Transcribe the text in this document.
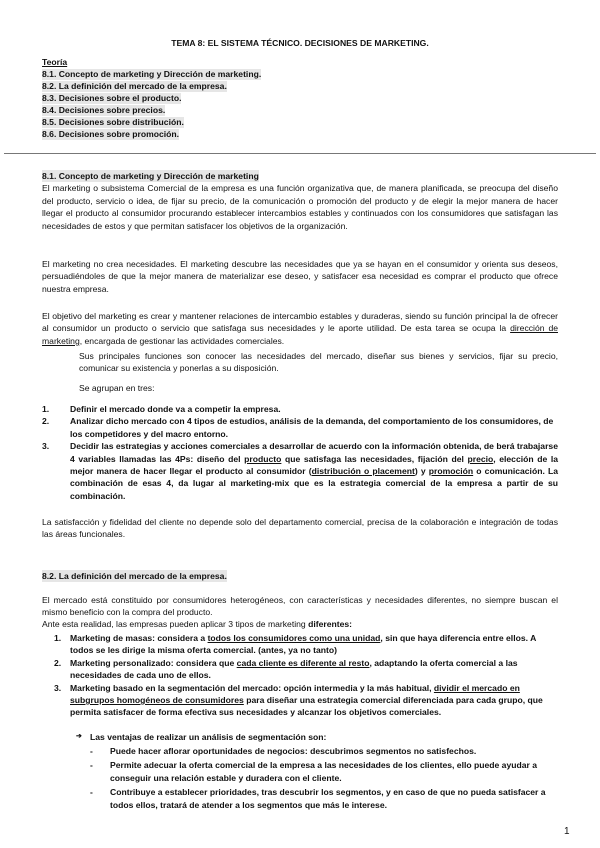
TEMA 8: EL SISTEMA TÉCNICO. DECISIONES DE MARKETING.
Teoría
8.1. Concepto de marketing y Dirección de marketing.
8.2. La definición del mercado de la empresa.
8.3. Decisiones sobre el producto.
8.4. Decisiones sobre precios.
8.5. Decisiones sobre distribución.
8.6. Decisiones sobre promoción.
8.1. Concepto de marketing y Dirección de marketing
El marketing o subsistema Comercial de la empresa es una función organizativa que, de manera planificada, se preocupa del diseño del producto, servicio o idea, de fijar su precio, de la comunicación o promoción del producto y de elegir la mejor manera de hacer llegar el producto al consumidor procurando establecer intercambios estables y continuados con los consumidores que satisfagan las necesidades de estos y que permitan satisfacer los objetivos de la organización.
El marketing no crea necesidades. El marketing descubre las necesidades que ya se hayan en el consumidor y orienta sus deseos, persuadiéndoles de que la mejor manera de materializar ese deseo, y satisfacer esa necesidad es comprar el producto que ofrece nuestra empresa.
El objetivo del marketing es crear y mantener relaciones de intercambio estables y duraderas, siendo su función principal la de ofrecer al consumidor un producto o servicio que satisfaga sus necesidades y le aporte utilidad. De esta tarea se ocupa la dirección de marketing, encargada de gestionar las actividades comerciales.
Sus principales funciones son conocer las necesidades del mercado, diseñar sus bienes y servicios, fijar su precio, comunicar su existencia y ponerlas a su disposición.
Se agrupan en tres:
1. Definir el mercado donde va a competir la empresa.
2. Analizar dicho mercado con 4 tipos de estudios, análisis de la demanda, del comportamiento de los consumidores, de los competidores y del macro entorno.
3. Decidir las estrategias y acciones comerciales a desarrollar de acuerdo con la información obtenida, de berá trabajarse 4 variables llamadas las 4Ps: diseño del producto que satisfaga las necesidades, fijación del precio, elección de la mejor manera de hacer llegar el producto al consumidor (distribución o placement) y promoción o comunicación. La combinación de esas 4, da lugar al marketing-mix que es la estrategia comercial de la empresa a partir de su combinación.
La satisfacción y fidelidad del cliente no depende solo del departamento comercial, precisa de la colaboración e integración de todas las áreas funcionales.
8.2. La definición del mercado de la empresa.
El mercado está constituido por consumidores heterogéneos, con características y necesidades diferentes, no siempre buscan el mismo beneficio con la compra del producto.
Ante esta realidad, las empresas pueden aplicar 3 tipos de marketing diferentes:
1. Marketing de masas: considera a todos los consumidores como una unidad, sin que haya diferencia entre ellos. A todos se les dirige la misma oferta comercial. (antes, ya no tanto)
2. Marketing personalizado: considera que cada cliente es diferente al resto, adaptando la oferta comercial a las necesidades de cada uno de ellos.
3. Marketing basado en la segmentación del mercado: opción intermedia y la más habitual, dividir el mercado en subgrupos homogéneos de consumidores para diseñar una estrategia comercial diferenciada para cada grupo, que permita satisfacer de forma efectiva sus necesidades y alcanzar los objetivos comerciales.
➔ Las ventajas de realizar un análisis de segmentación son:
- Puede hacer aflorar oportunidades de negocios: descubrimos segmentos no satisfechos.
- Permite adecuar la oferta comercial de la empresa a las necesidades de los clientes, ello puede ayudar a conseguir una relación estable y duradera con el cliente.
- Contribuye a establecer prioridades, tras descubrir los segmentos, y en caso de que no pueda satisfacer a todos ellos, tratará de atender a los segmentos que más le interese.
1
